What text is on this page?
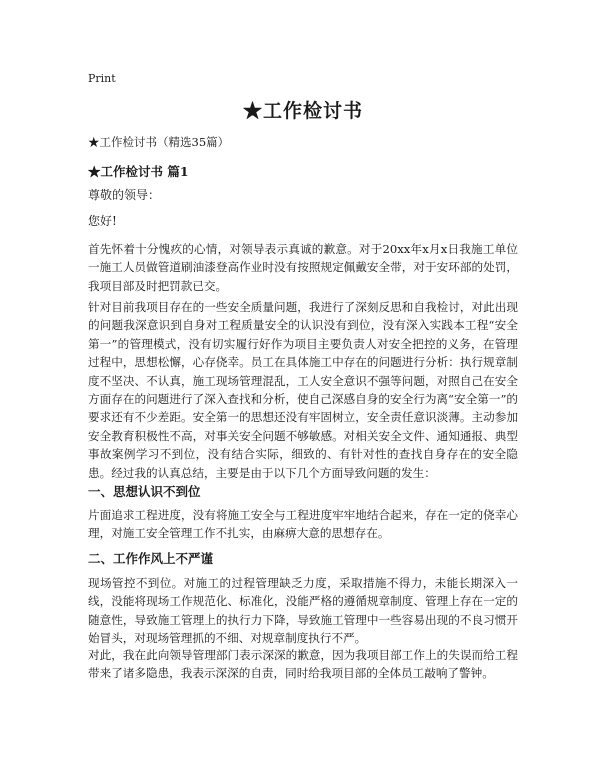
Print
★工作检讨书
★工作检讨书（精选35篇）
★工作检讨书 篇1
尊敬的领导：
您好!
首先怀着十分愧疚的心情，对领导表示真诚的歉意。对于20xx年x月x日我施工单位一施工人员做管道刷油漆登高作业时没有按照规定佩戴安全带，对于安环部的处罚，我项目部及时把罚款已交。
针对目前我项目存在的一些安全质量问题，我进行了深刻反思和自我检讨，对此出现的问题我深意识到自身对工程质量安全的认识没有到位，没有深入实践本工程“安全第一”的管理模式，没有切实履行好作为项目主要负责人对安全把控的义务，在管理过程中，思想松懈，心存侥幸。员工在具体施工中存在的问题进行分析：执行规章制度不坚决、不认真，施工现场管理混乱，工人安全意识不强等问题，对照自己在安全方面存在的问题进行了深入查找和分析，使自己深感自身的安全行为离“安全第一”的要求还有不少差距。安全第一的思想还没有牢固树立，安全责任意识淡薄。主动参加安全教育积极性不高，对事关安全问题不够敏感。对相关安全文件、通知通报、典型事故案例学习不到位，没有结合实际，细致的、有针对性的查找自身存在的安全隐患。经过我的认真总结，主要是由于以下几个方面导致问题的发生：
一、思想认识不到位
片面追求工程进度，没有将施工安全与工程进度牢牢地结合起来，存在一定的侥幸心理，对施工安全管理工作不扎实，由麻痹大意的思想存在。
二、工作作风上不严谨
现场管控不到位。对施工的过程管理缺乏力度，采取措施不得力，未能长期深入一线，没能将现场工作规范化、标准化，没能严格的遵循规章制度、管理上存在一定的随意性，导致施工管理上的执行力下降，导致施工管理中一些容易出现的不良习惯开始冒头，对现场管理抓的不细、对规章制度执行不严。
对此，我在此向领导管理部门表示深深的歉意，因为我项目部工作上的失误而给工程带来了诸多隐患，我表示深深的自责，同时给我项目部的全体员工敲响了警钟。
